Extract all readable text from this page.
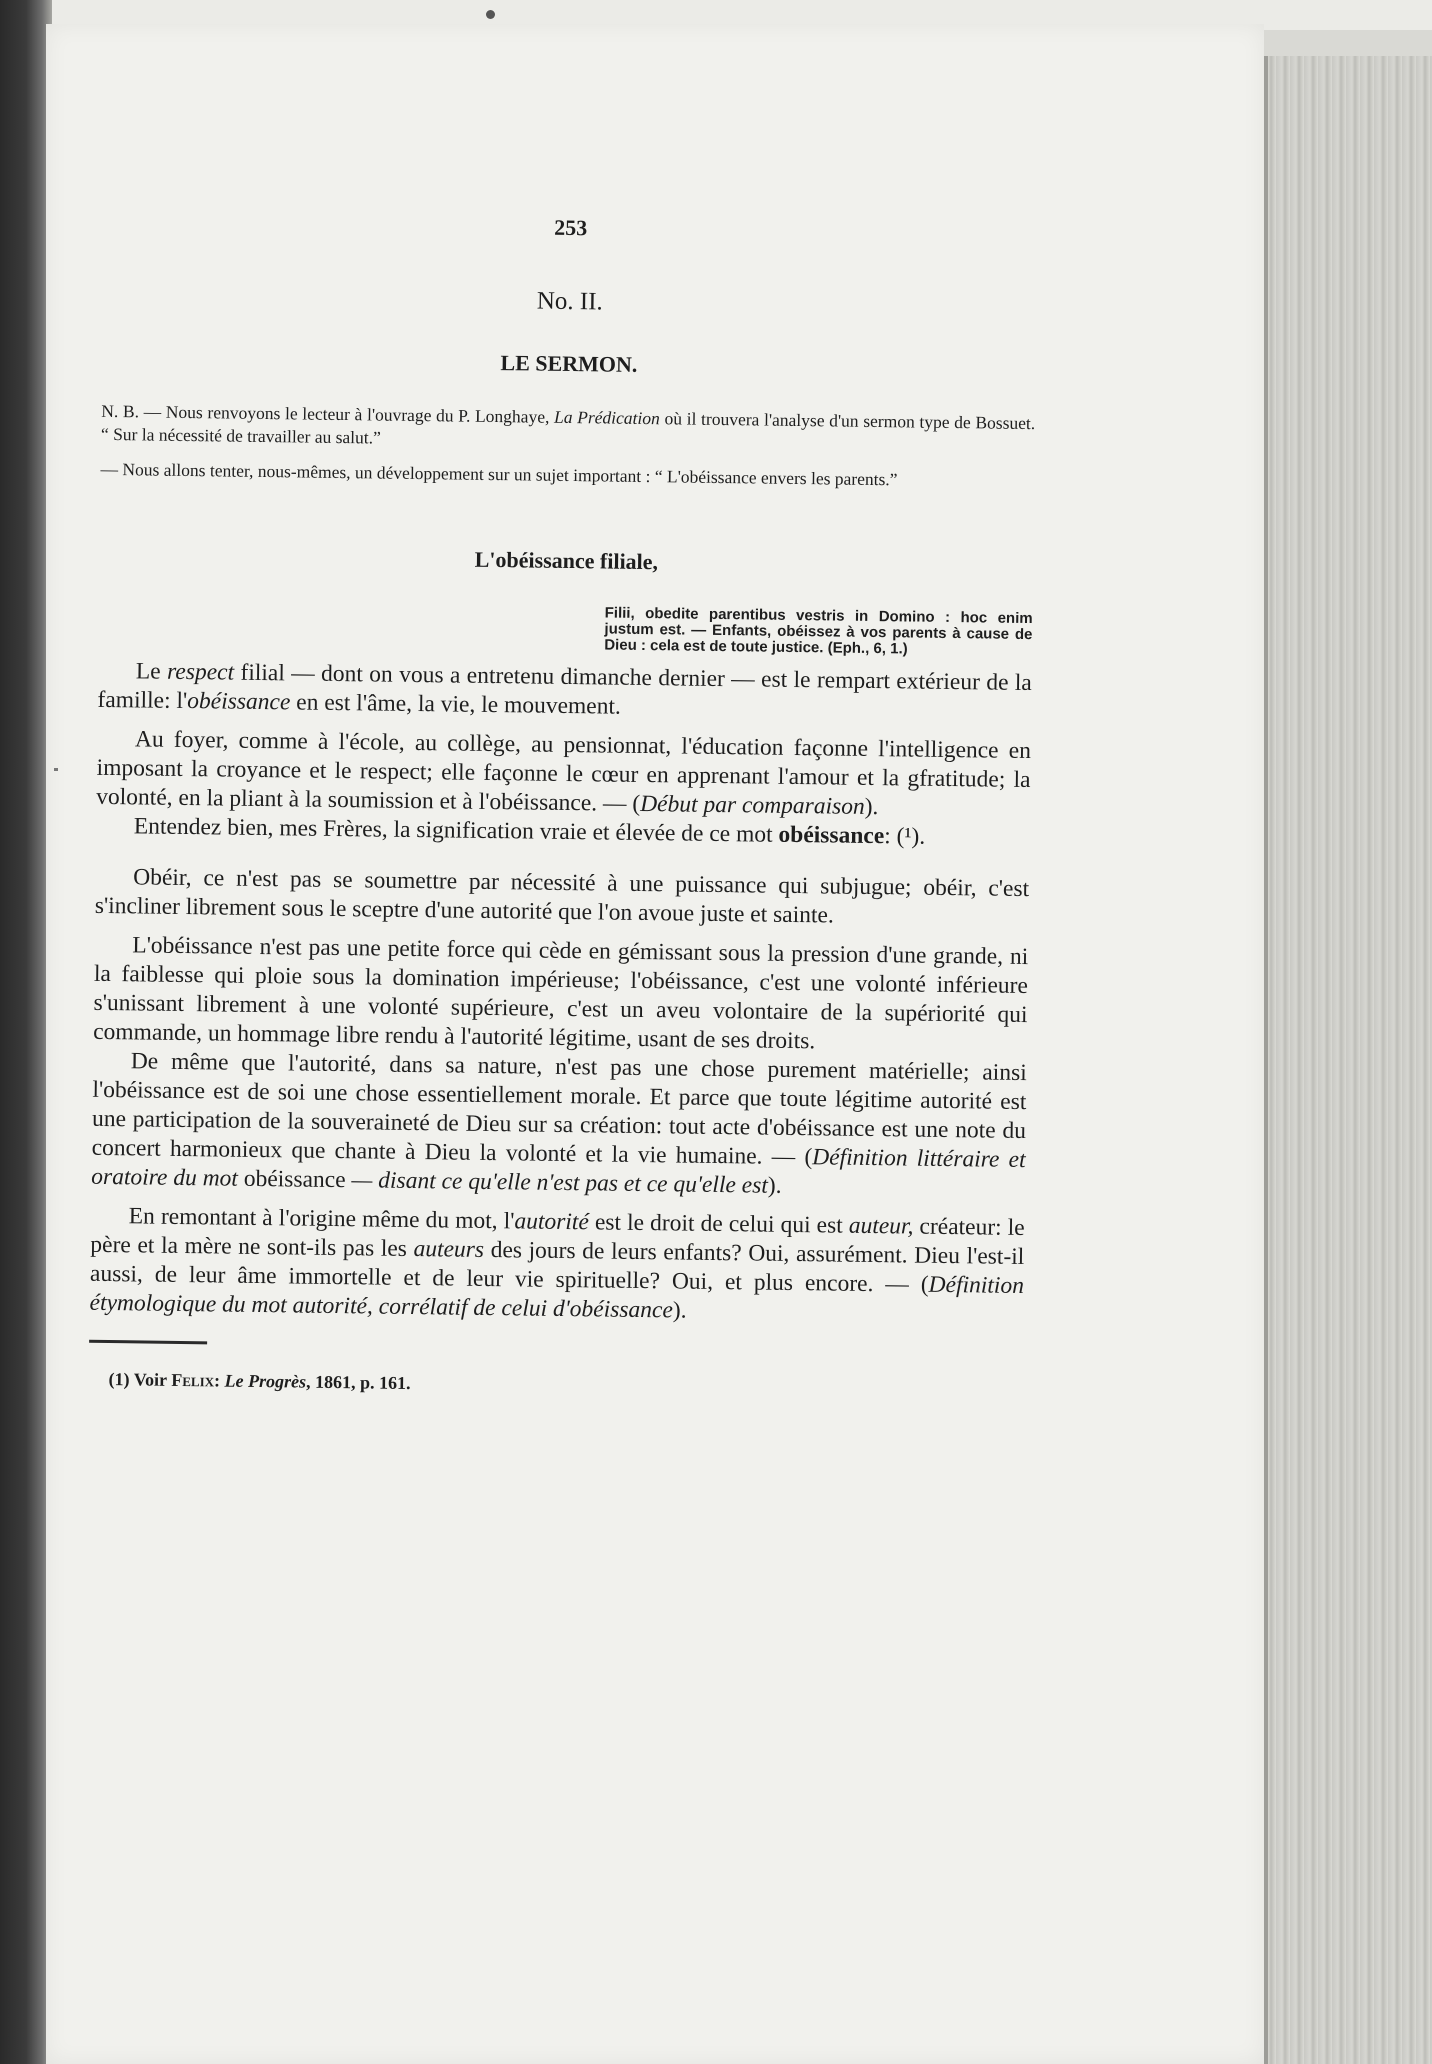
253
No. II.
LE SERMON.

N. B. — Nous renvoyons le lecteur à l'ouvrage du P. Longhaye, La Prédication où il trouvera l'analyse d'un sermon type de Bossuet. “ Sur la nécessité de travailler au salut.”

— Nous allons tenter, nous-mêmes, un développement sur un sujet important : “ L'obéissance envers les parents.”

L'obéissance filiale,
Filii, obedite parentibus vestris in Domino : hoc enim justum est. — Enfants, obéissez à vos parents à cause de Dieu : cela est de toute justice. (Eph., 6, 1.)

Le respect filial — dont on vous a entretenu dimanche dernier — est le rempart extérieur de la famille: l'obéissance en est l'âme, la vie, le mouvement.

Au foyer, comme à l'école, au collège, au pensionnat, l'éducation façonne l'intelligence en imposant la croyance et le respect; elle façonne le cœur en apprenant l'amour et la gfratitude; la volonté, en la pliant à la soumission et à l'obéissance. — (Début par comparaison).

Entendez bien, mes Frères, la signification vraie et élevée de ce mot obéissance: (¹).

Obéir, ce n'est pas se soumettre par nécessité à une puissance qui subjugue; obéir, c'est s'incliner librement sous le sceptre d'une autorité que l'on avoue juste et sainte.

L'obéissance n'est pas une petite force qui cède en gémissant sous la pression d'une grande, ni la faiblesse qui ploie sous la domination impérieuse; l'obéissance, c'est une volonté inférieure s'unissant librement à une volonté supérieure, c'est un aveu volontaire de la supériorité qui commande, un hommage libre rendu à l'autorité légitime, usant de ses droits.

De même que l'autorité, dans sa nature, n'est pas une chose purement matérielle; ainsi l'obéissance est de soi une chose essentiellement morale. Et parce que toute légitime autorité est une participation de la souveraineté de Dieu sur sa création: tout acte d'obéissance est une note du concert harmonieux que chante à Dieu la volonté et la vie humaine. — (Définition littéraire et oratoire du mot obéissance — disant ce qu'elle n'est pas et ce qu'elle est).

En remontant à l'origine même du mot, l'autorité est le droit de celui qui est auteur, créateur: le père et la mère ne sont-ils pas les auteurs des jours de leurs enfants? Oui, assurément. Dieu l'est-il aussi, de leur âme immortelle et de leur vie spirituelle? Oui, et plus encore. — (Définition étymologique du mot autorité, corrélatif de celui d'obéissance).

(1) Voir Felix: Le Progrès, 1861, p. 161.
